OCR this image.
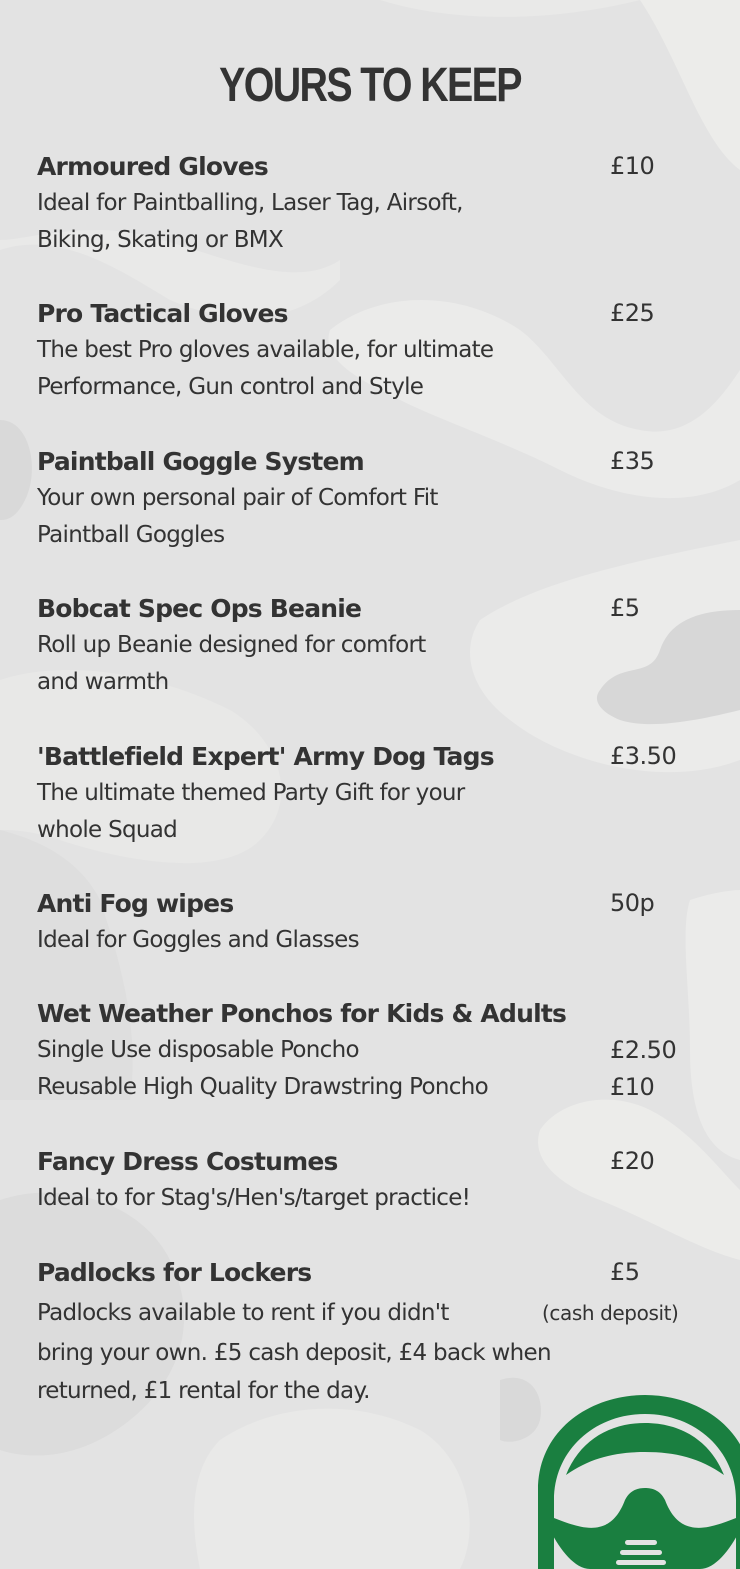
YOURS TO KEEP
Armoured Gloves	£10
Ideal for Paintballing, Laser Tag, Airsoft,
Biking, Skating or BMX
Pro Tactical Gloves	£25
The best Pro gloves available, for ultimate
Performance, Gun control and Style
Paintball Goggle System	£35
Your own personal pair of Comfort Fit
Paintball Goggles
Bobcat Spec Ops Beanie	£5
Roll up Beanie designed for comfort
and warmth
'Battlefield Expert' Army Dog Tags	£3.50
The ultimate themed Party Gift for your
whole Squad
Anti Fog wipes	50p
Ideal for Goggles and Glasses
Wet Weather Ponchos for Kids & Adults
Single Use disposable Poncho	£2.50
Reusable High Quality Drawstring Poncho	£10
Fancy Dress Costumes	£20
Ideal to for Stag's/Hen's/target practice!
Padlocks for Lockers	£5
Padlocks available to rent if you didn't	(cash deposit)
bring your own. £5 cash deposit, £4 back when
returned, £1 rental for the day.
